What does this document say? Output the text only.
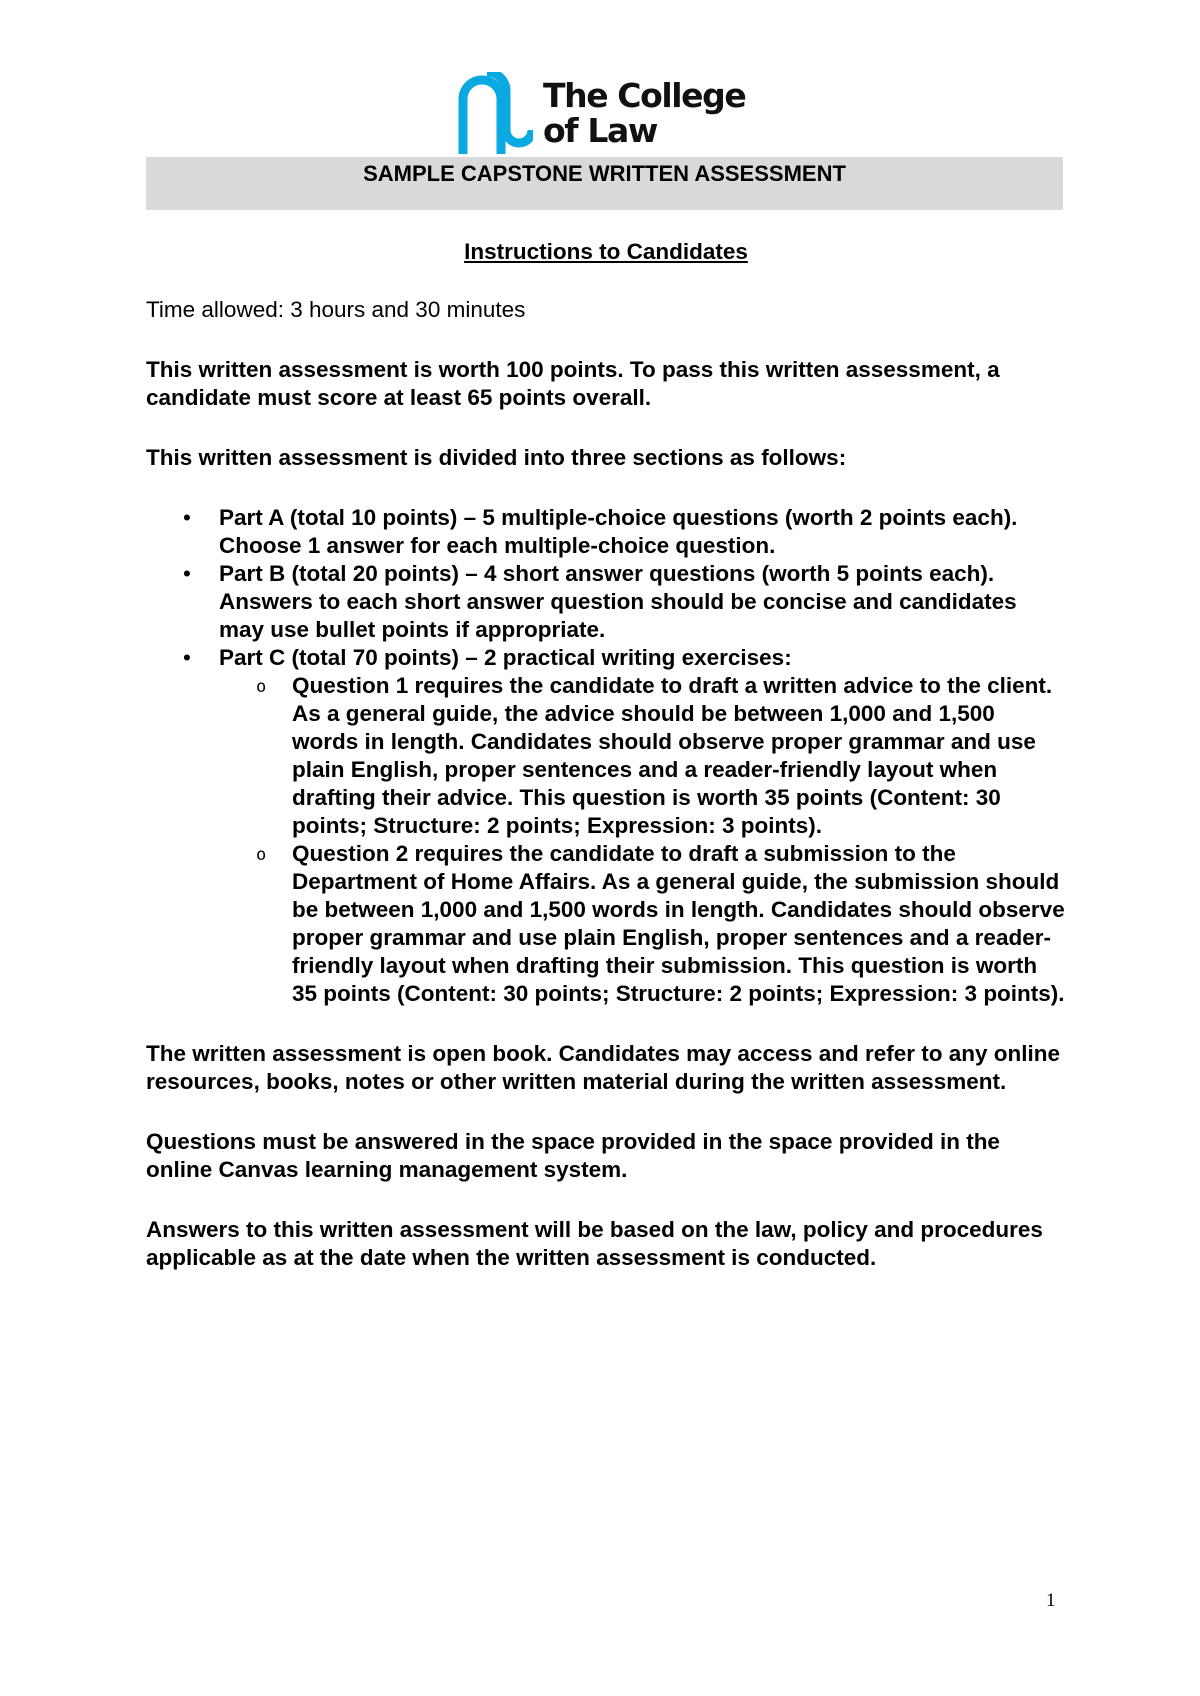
The College
of Law
SAMPLE CAPSTONE WRITTEN ASSESSMENT
Instructions to Candidates

Time allowed: 3 hours and 30 minutes

This written assessment is worth 100 points. To pass this written assessment, a candidate must score at least 65 points overall.

This written assessment is divided into three sections as follows:

• Part A (total 10 points) – 5 multiple-choice questions (worth 2 points each). Choose 1 answer for each multiple-choice question.
• Part B (total 20 points) – 4 short answer questions (worth 5 points each). Answers to each short answer question should be concise and candidates may use bullet points if appropriate.
• Part C (total 70 points) – 2 practical writing exercises:
o Question 1 requires the candidate to draft a written advice to the client. As a general guide, the advice should be between 1,000 and 1,500 words in length. Candidates should observe proper grammar and use plain English, proper sentences and a reader-friendly layout when drafting their advice. This question is worth 35 points (Content: 30 points; Structure: 2 points; Expression: 3 points).
o Question 2 requires the candidate to draft a submission to the Department of Home Affairs. As a general guide, the submission should be between 1,000 and 1,500 words in length. Candidates should observe proper grammar and use plain English, proper sentences and a reader-friendly layout when drafting their submission. This question is worth 35 points (Content: 30 points; Structure: 2 points; Expression: 3 points).

The written assessment is open book. Candidates may access and refer to any online resources, books, notes or other written material during the written assessment.

Questions must be answered in the space provided in the space provided in the online Canvas learning management system.

Answers to this written assessment will be based on the law, policy and procedures applicable as at the date when the written assessment is conducted.

1
